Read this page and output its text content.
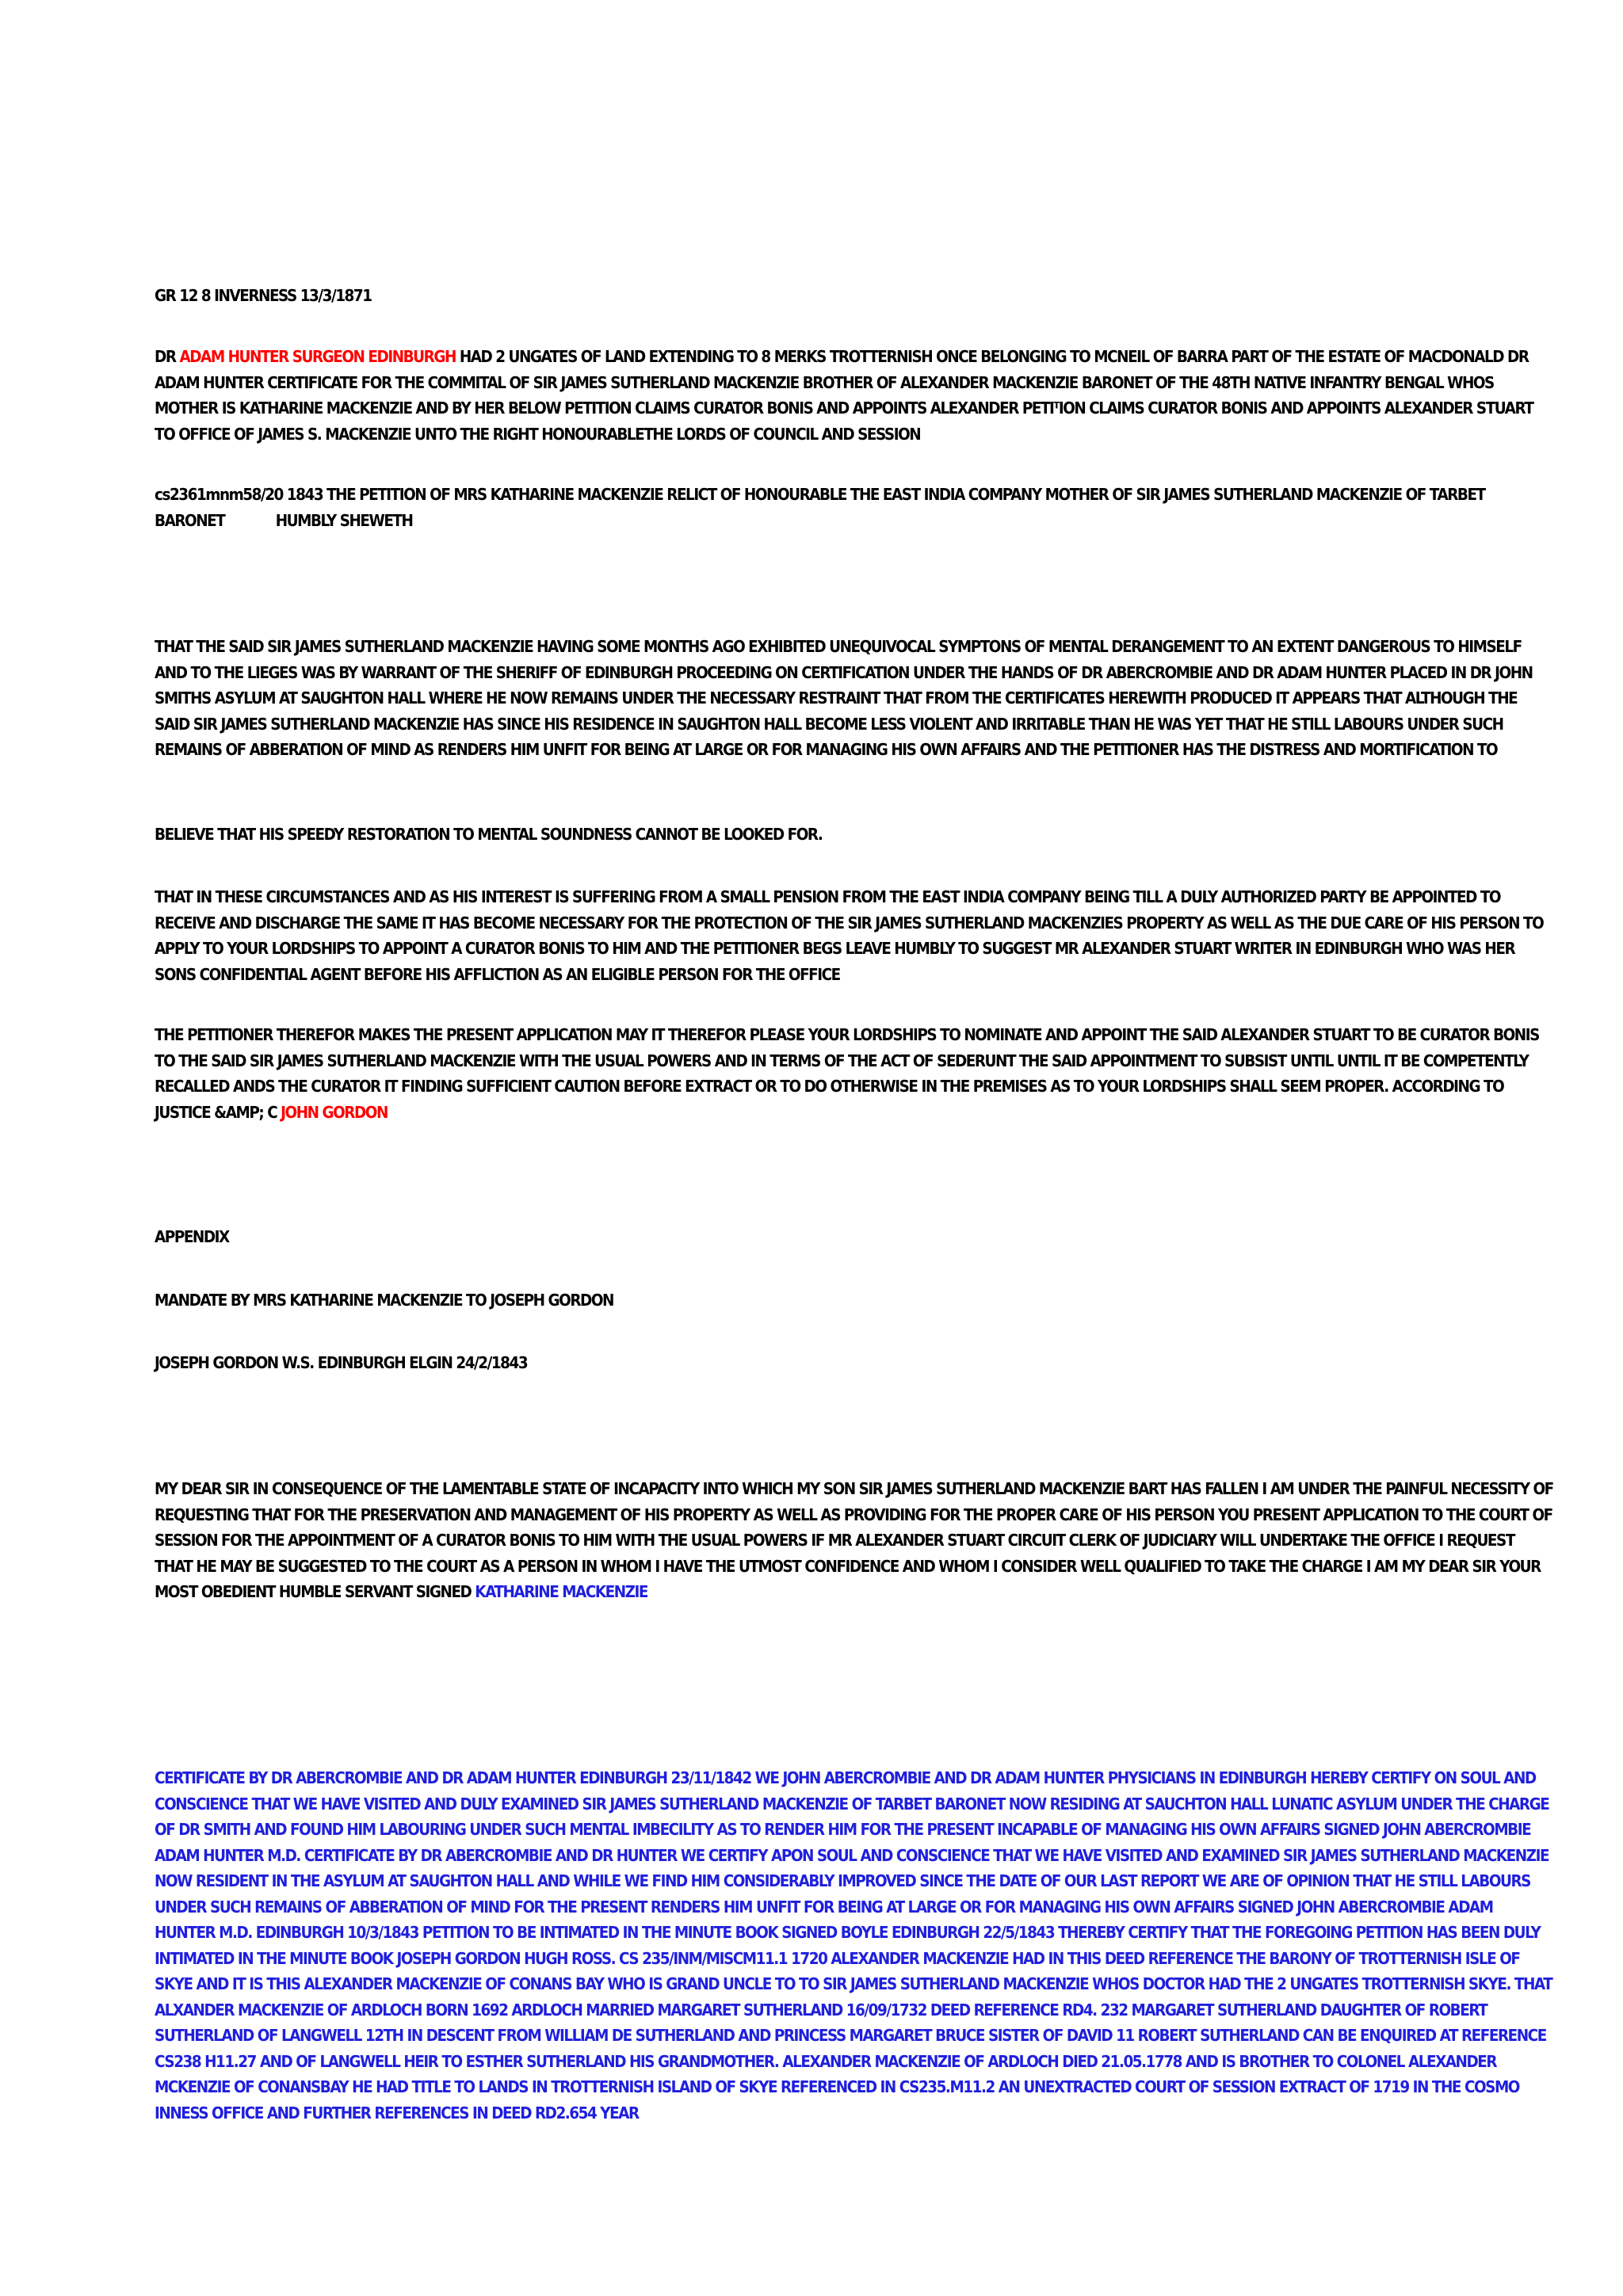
GR 12 8 INVERNESS 13/3/1871
DR ADAM HUNTER SURGEON EDINBURGH HAD 2 UNGATES OF LAND EXTENDING TO 8 MERKS TROTTERNISH ONCE BELONGING TO MCNEIL OF BARRA PART OF THE ESTATE OF MACDONALD DR ADAM HUNTER CERTIFICATE FOR THE COMMITAL OF SIR JAMES SUTHERLAND MACKENZIE BROTHER OF ALEXANDER MACKENZIE BARONET OF THE 48TH NATIVE INFANTRY BENGAL WHOS MOTHER IS KATHARINE MACKENZIE AND BY HER BELOW PETITION CLAIMS CURATOR BONIS AND APPOINTS ALEXANDER PETIᵀION CLAIMS CURATOR BONIS AND APPOINTS ALEXANDER STUART TO OFFICE OF JAMES S. MACKENZIE UNTO THE RIGHT HONOURABLETHE LORDS OF COUNCIL AND SESSION
cs2361mnm58/20 1843 THE PETITION OF MRS KATHARINE MACKENZIE RELICT OF HONOURABLE THE EAST INDIA COMPANY MOTHER OF SIR JAMES SUTHERLAND MACKENZIE OF TARBET BARONET	HUMBLY SHEWETH
THAT THE SAID SIR JAMES SUTHERLAND MACKENZIE HAVING SOME MONTHS AGO EXHIBITED UNEQUIVOCAL SYMPTONS OF MENTAL DERANGEMENT TO AN EXTENT DANGEROUS TO HIMSELF AND TO THE LIEGES WAS BY WARRANT OF THE SHERIFF OF EDINBURGH PROCEEDING ON CERTIFICATION UNDER THE HANDS OF DR ABERCROMBIE AND DR ADAM HUNTER PLACED IN DR JOHN SMITHS ASYLUM AT SAUGHTON HALL WHERE HE NOW REMAINS UNDER THE NECESSARY RESTRAINT THAT FROM THE CERTIFICATES HEREWITH PRODUCED IT APPEARS THAT ALTHOUGH THE SAID SIR JAMES SUTHERLAND MACKENZIE HAS SINCE HIS RESIDENCE IN SAUGHTON HALL BECOME LESS VIOLENT AND IRRITABLE THAN HE WAS YET THAT HE STILL LABOURS UNDER SUCH REMAINS OF ABBERATION OF MIND AS RENDERS HIM UNFIT FOR BEING AT LARGE OR FOR MANAGING HIS OWN AFFAIRS AND THE PETITIONER HAS THE DISTRESS AND MORTIFICATION TO
BELIEVE THAT HIS SPEEDY RESTORATION TO MENTAL SOUNDNESS CANNOT BE LOOKED FOR.
THAT IN THESE CIRCUMSTANCES AND AS HIS INTEREST IS SUFFERING FROM A SMALL PENSION FROM THE EAST INDIA COMPANY BEING TILL A DULY AUTHORIZED PARTY BE APPOINTED TO RECEIVE AND DISCHARGE THE SAME IT HAS BECOME NECESSARY FOR THE PROTECTION OF THE SIR JAMES SUTHERLAND MACKENZIES PROPERTY AS WELL AS THE DUE CARE OF HIS PERSON TO APPLY TO YOUR LORDSHIPS TO APPOINT A CURATOR BONIS TO HIM AND THE PETITIONER BEGS LEAVE HUMBLY TO SUGGEST MR ALEXANDER STUART WRITER IN EDINBURGH WHO WAS HER SONS CONFIDENTIAL AGENT BEFORE HIS AFFLICTION AS AN ELIGIBLE PERSON FOR THE OFFICE
THE PETITIONER THEREFOR MAKES THE PRESENT APPLICATION MAY IT THEREFOR PLEASE YOUR LORDSHIPS TO NOMINATE AND APPOINT THE SAID ALEXANDER STUART TO BE CURATOR BONIS TO THE SAID SIR JAMES SUTHERLAND MACKENZIE WITH THE USUAL POWERS AND IN TERMS OF THE ACT OF SEDERUNT THE SAID APPOINTMENT TO SUBSIST UNTIL UNTIL IT BE COMPETENTLY RECALLED ANDS THE CURATOR IT FINDING SUFFICIENT CAUTION BEFORE EXTRACT OR TO DO OTHERWISE IN THE PREMISES AS TO YOUR LORDSHIPS SHALL SEEM PROPER. ACCORDING TO JUSTICE &AMP; C JOHN GORDON
APPENDIX
MANDATE BY MRS KATHARINE MACKENZIE TO JOSEPH GORDON
JOSEPH GORDON W.S. EDINBURGH ELGIN 24/2/1843
MY DEAR SIR IN CONSEQUENCE OF THE LAMENTABLE STATE OF INCAPACITY INTO WHICH MY SON SIR JAMES SUTHERLAND MACKENZIE BART HAS FALLEN I AM UNDER THE PAINFUL NECESSITY OF REQUESTING THAT FOR THE PRESERVATION AND MANAGEMENT OF HIS PROPERTY AS WELL AS PROVIDING FOR THE PROPER CARE OF HIS PERSON YOU PRESENT APPLICATION TO THE COURT OF SESSION FOR THE APPOINTMENT OF A CURATOR BONIS TO HIM WITH THE USUAL POWERS IF MR ALEXANDER STUART CIRCUIT CLERK OF JUDICIARY WILL UNDERTAKE THE OFFICE I REQUEST THAT HE MAY BE SUGGESTED TO THE COURT AS A PERSON IN WHOM I HAVE THE UTMOST CONFIDENCE AND WHOM I CONSIDER WELL QUALIFIED TO TAKE THE CHARGE I AM MY DEAR SIR YOUR MOST OBEDIENT HUMBLE SERVANT SIGNED KATHARINE MACKENZIE
CERTIFICATE BY DR ABERCROMBIE AND DR ADAM HUNTER EDINBURGH 23/11/1842 WE JOHN ABERCROMBIE AND DR ADAM HUNTER PHYSICIANS IN EDINBURGH HEREBY CERTIFY ON SOUL AND CONSCIENCE THAT WE HAVE VISITED AND DULY EXAMINED SIR JAMES SUTHERLAND MACKENZIE OF TARBET BARONET NOW RESIDING AT SAUCHTON HALL LUNATIC ASYLUM UNDER THE CHARGE OF DR SMITH AND FOUND HIM LABOURING UNDER SUCH MENTAL IMBECILITY AS TO RENDER HIM FOR THE PRESENT INCAPABLE OF MANAGING HIS OWN AFFAIRS SIGNED JOHN ABERCROMBIE ADAM HUNTER M.D. CERTIFICATE BY DR ABERCROMBIE AND DR HUNTER WE CERTIFY APON SOUL AND CONSCIENCE THAT WE HAVE VISITED AND EXAMINED SIR JAMES SUTHERLAND MACKENZIE NOW RESIDENT IN THE ASYLUM AT SAUGHTON HALL AND WHILE WE FIND HIM CONSIDERABLY IMPROVED SINCE THE DATE OF OUR LAST REPORT WE ARE OF OPINION THAT HE STILL LABOURS UNDER SUCH REMAINS OF ABBERATION OF MIND FOR THE PRESENT RENDERS HIM UNFIT FOR BEING AT LARGE OR FOR MANAGING HIS OWN AFFAIRS SIGNED JOHN ABERCROMBIE ADAM HUNTER M.D. EDINBURGH 10/3/1843 PETITION TO BE INTIMATED IN THE MINUTE BOOK SIGNED BOYLE EDINBURGH 22/5/1843 THEREBY CERTIFY THAT THE FOREGOING PETITION HAS BEEN DULY INTIMATED IN THE MINUTE BOOK JOSEPH GORDON HUGH ROSS. CS 235/INM/MISCM11.1 1720 ALEXANDER MACKENZIE HAD IN THIS DEED REFERENCE THE BARONY OF TROTTERNISH ISLE OF SKYE AND IT IS THIS ALEXANDER MACKENZIE OF CONANS BAY WHO IS GRAND UNCLE TO TO SIR JAMES SUTHERLAND MACKENZIE WHOS DOCTOR HAD THE 2 UNGATES TROTTERNISH SKYE. THAT ALXANDER MACKENZIE OF ARDLOCH BORN 1692 ARDLOCH MARRIED MARGARET SUTHERLAND 16/09/1732 DEED REFERENCE RD4. 232 MARGARET SUTHERLAND DAUGHTER OF ROBERT SUTHERLAND OF LANGWELL 12TH IN DESCENT FROM WILLIAM DE SUTHERLAND AND PRINCESS MARGARET BRUCE SISTER OF DAVID 11 ROBERT SUTHERLAND CAN BE ENQUIRED AT REFERENCE CS238 H11.27 AND OF LANGWELL HEIR TO ESTHER SUTHERLAND HIS GRANDMOTHER. ALEXANDER MACKENZIE OF ARDLOCH DIED 21.05.1778 AND IS BROTHER TO COLONEL ALEXANDER MCKENZIE OF CONANSBAY HE HAD TITLE TO LANDS IN TROTTERNISH ISLAND OF SKYE REFERENCED IN CS235.M11.2 AN UNEXTRACTED COURT OF SESSION EXTRACT OF 1719 IN THE COSMO INNESS OFFICE AND FURTHER REFERENCES IN DEED RD2.654 YEAR
